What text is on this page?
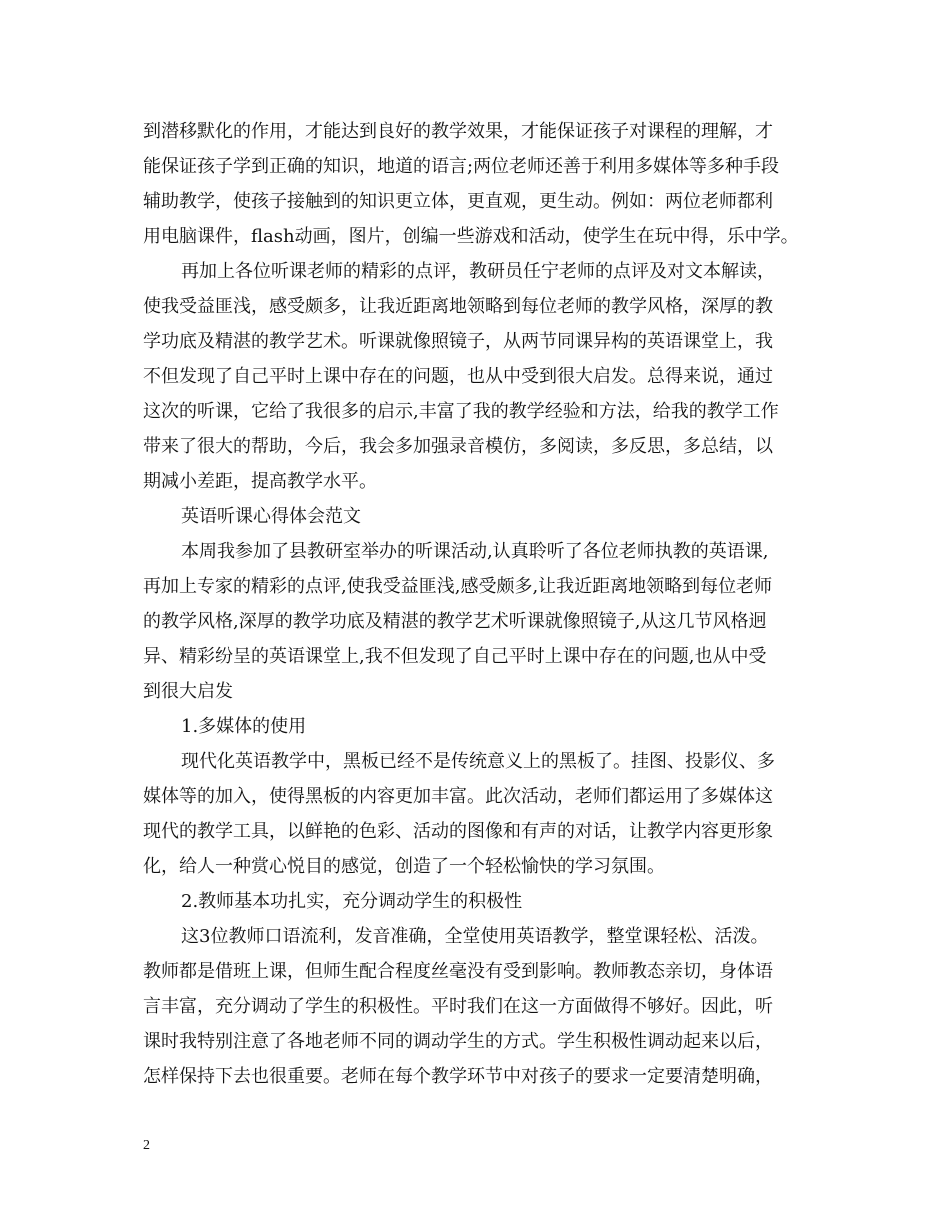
到潜移默化的作用，才能达到良好的教学效果，才能保证孩子对课程的理解，才
能保证孩子学到正确的知识，地道的语言;两位老师还善于利用多媒体等多种手段
辅助教学，使孩子接触到的知识更立体，更直观，更生动。例如：两位老师都利
用电脑课件，flash动画，图片，创编一些游戏和活动，使学生在玩中得，乐中学。
再加上各位听课老师的精彩的点评，教研员任宁老师的点评及对文本解读，
使我受益匪浅，感受颇多，让我近距离地领略到每位老师的教学风格，深厚的教
学功底及精湛的教学艺术。听课就像照镜子，从两节同课异构的英语课堂上，我
不但发现了自己平时上课中存在的问题，也从中受到很大启发。总得来说，通过
这次的听课，它给了我很多的启示,丰富了我的教学经验和方法，给我的教学工作
带来了很大的帮助，今后，我会多加强录音模仿，多阅读，多反思，多总结，以
期减小差距，提高教学水平。
英语听课心得体会范文
本周我参加了县教研室举办的听课活动,认真聆听了各位老师执教的英语课,
再加上专家的精彩的点评,使我受益匪浅,感受颇多,让我近距离地领略到每位老师
的教学风格,深厚的教学功底及精湛的教学艺术听课就像照镜子,从这几节风格迥
异、精彩纷呈的英语课堂上,我不但发现了自己平时上课中存在的问题,也从中受
到很大启发
1.多媒体的使用
现代化英语教学中，黑板已经不是传统意义上的黑板了。挂图、投影仪、多
媒体等的加入，使得黑板的内容更加丰富。此次活动，老师们都运用了多媒体这
现代的教学工具，以鲜艳的色彩、活动的图像和有声的对话，让教学内容更形象
化，给人一种赏心悦目的感觉，创造了一个轻松愉快的学习氛围。
2.教师基本功扎实，充分调动学生的积极性
这3位教师口语流利，发音准确，全堂使用英语教学，整堂课轻松、活泼。
教师都是借班上课，但师生配合程度丝毫没有受到影响。教师教态亲切，身体语
言丰富，充分调动了学生的积极性。平时我们在这一方面做得不够好。因此，听
课时我特别注意了各地老师不同的调动学生的方式。学生积极性调动起来以后，
怎样保持下去也很重要。老师在每个教学环节中对孩子的要求一定要清楚明确，
2
